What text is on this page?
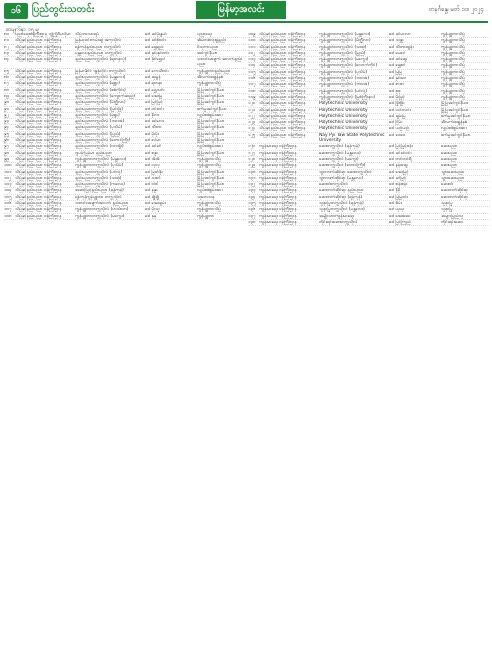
၁၆	ပြည်တွင်းသတင်း	မြန်မာ့အလင်း	တနင်္ဂနွေ၊ မတ် ၁၀၊ ၂၀၂၄
စာမျက်နှာ ၁၅ မှ
၈၀	ပညာရေးဝန်ကြီးဌာန ဘွဲ့ကြိုဒီပလိုမာ သိပ္ပံဘာသာရပ်	ဒေါ်ခင်မိုးနွယ်	ပညာရေး
၈၁	သိပ္ပံနှင့်နည်းပညာ ဝန်ကြီးဌာန	မြန်မာ့ဝင်းကမ်းဆွဲ အကုသိုလ်	ဒေါ်ခင်စိုးဝင်း	အိမ်တစ်လုံးဖွဲ့နည်း
၈၂	သိပ္ပံနှင့်နည်းပညာ ဝန်ကြီးဌာန	ရန်ကုန်နည်းပညာ တက္ကသိုလ်	ဒေါ်ရွှေရည်	ဗိသုကာပညာ
၈၃	သိပ္ပံနှင့်နည်းပညာ ဝန်ကြီးဌာန	မန္တလေးနည်းပညာ တက္ကသိုလ်	ဒေါ်နှင်းနှင်းဝင်း	အင်ဂျင်နီယာ
၈၄	သိပ္ပံနှင့်နည်းပညာ ဝန်ကြီးဌာန	နည်းပညာတက္ကသိုလ် (ရတနာပုံ)	ဒေါ်ခိုင်ရွှေဝါ	သတင်းအချက် အလက်နည်းပညာ
၈၅	သိပ္ပံနှင့်နည်းပညာ ဝန်ကြီးဌာန	မြန်မာနိုင်ငံ အွန်လိုင်း တက္ကသိုလ်	ဒေါ်ကေသီဝင်း	ကွန်ပျူတာနည်းပညာ
၈၆	သိပ္ပံနှင့်နည်းပညာ ဝန်ကြီးဌာန	နည်းပညာတက္ကသိုလ် (မန္တလေး)	ဒေါ်ဆုမွန်	အီလက်ထရွန်နစ်
၈၇	သိပ္ပံနှင့်နည်းပညာ ဝန်ကြီးဌာန	နည်းပညာတက္ကသိုလ် (ရဲရွာ)	ဒေါ်ရတနာ	ကွန်ပျူတာသိပ္ပံ
၈၈	သိပ္ပံနှင့်နည်းပညာ ဝန်ကြီးဌာန	နည်းပညာတက္ကသိုလ် (စစ်ကိုင်း)	ဒေါ်ရွှေသင်း	မြို့ပြအင်ဂျင်နီယာ
၈၉	သိပ္ပံနှင့်နည်းပညာ ဝန်ကြီးဌာန	နည်းပညာတက္ကသိုလ် (ကျောက်ဆည်)	ဒေါ်အေးမြ	မြို့ပြအင်ဂျင်နီယာ
၉၀	သိပ္ပံနှင့်နည်းပညာ ဝန်ကြီးဌာန	နည်းပညာတက္ကသိုလ် (မိတ္ထီလာ)	ဒေါ်မြင့်မြင့်	မြို့ပြအင်ဂျင်နီယာ
၉၁	သိပ္ပံနှင့်နည်းပညာ ဝန်ကြီးဌာန	နည်းပညာတက္ကသိုလ် (မြင်းခြံ)	ဒေါ်ဝင်းဝင်း	စက်မှုအင်ဂျင်နီယာ
၉၂	သိပ္ပံနှင့်နည်းပညာ ဝန်ကြီးဌာန	နည်းပညာတက္ကသိုလ် (မုံရွာ)	ဒေါ်နီလာ	လျှပ်စစ်စွမ်းအား
၉၃	သိပ္ပံနှင့်နည်းပညာ ဝန်ကြီးဌာန	နည်းပညာတက္ကသိုလ် (ဘားအံ)	ဒေါ်ခင်လေး	မြို့ပြအင်ဂျင်နီယာ
၉၄	သိပ္ပံနှင့်နည်းပညာ ဝန်ကြီးဌာန	နည်းပညာတက္ကသိုလ် (ပုသိမ်)	ဒေါ်သီတာ	မြို့ပြအင်ဂျင်နီယာ
၉၅	သိပ္ပံနှင့်နည်းပညာ ဝန်ကြီးဌာန	နည်းပညာတက္ကသိုလ် (ပြည်)	ဒေါ်မိုးမိုး	မြို့ပြအင်ဂျင်နီယာ
၉၆	သိပ္ပံနှင့်နည်းပညာ ဝန်ကြီးဌာန	နည်းပညာတက္ကသိုလ် (တောင်ကြီး)	ဒေါ်ဇင်မာ	မြို့ပြအင်ဂျင်နီယာ
၉၇	သိပ္ပံနှင့်နည်းပညာ ဝန်ကြီးဌာန	နည်းပညာတက္ကသိုလ် (လားရှိုး)	ဒေါ်ခင်ခင်	လျှပ်စစ်စွမ်းအား
၉၈	သိပ္ပံနှင့်နည်းပညာ ဝန်ကြီးဌာန	ဂျပန်-မြန်မာ နည်းပညာ	ဒေါ်စန္ဒာ	မြို့ပြအင်ဂျင်နီယာ
၉၉	သိပ္ပံနှင့်နည်းပညာ ဝန်ကြီးဌာန	ကွန်ပျူတာတက္ကသိုလ် (မန္တလေး)	ဒေါ်အိအိ	ကွန်ပျူတာသိပ္ပံ
၁၀၀ သိပ္ပံနှင့်နည်းပညာ ဝန်ကြီးဌာန	ကွန်ပျူတာတက္ကသိုလ် (ပုသိမ်)	ဒေါ်လှလှ	ကွန်ပျူတာသိပ္ပံ
၁၀၁ သိပ္ပံနှင့်နည်းပညာ ဝန်ကြီးဌာန	နည်းပညာတက္ကသိုလ် (ပင်လုံ)	ဒေါ်မြတ်နိုး	မြို့ပြအင်ဂျင်နီယာ
၁၀၂ သိပ္ပံနှင့်နည်းပညာ ဝန်ကြီးဌာန	နည်းပညာတက္ကသိုလ် (သထုံ)	ဒေါ်သဇင်	မြို့ပြအင်ဂျင်နီယာ
၁၀၃ သိပ္ပံနှင့်နည်းပညာ ဝန်ကြီးဌာန	နည်းပညာတက္ကသိုလ် (ကလေး)	ဒေါ်ဝါဝါ	မြို့ပြအင်ဂျင်နီယာ
၁၀၄ သိပ္ပံနှင့်နည်းပညာ ဝန်ကြီးဌာန	အဆင့်မြင့်နည်းပညာ (ရန်ကုန်)	ဒေါ်နန္ဒာ	လျှပ်စစ်စွမ်းအား
၁၀၅ သိပ္ပံနှင့်နည်းပညာ ဝန်ကြီးဌာန	ရန်ကုန်ကွန်ပျူတာ တက္ကသိုလ်	ဒေါ်ချိုချို	သုတေသန
၁၀၆ သိပ္ပံနှင့်နည်းပညာ ဝန်ကြီးဌာန	သတင်းအချက်အလက် နည်းပညာ	ဒေါ်အေးချမ်း	ကွန်ပျူတာသိပ္ပံ
၁၀၇ သိပ္ပံနှင့်နည်းပညာ ဝန်ကြီးဌာန	ကွန်ပျူတာတက္ကသိုလ် (ဟင်္သာတ)	ဒေါ်မိုးသူ	ကွန်ပျူတာသိပ္ပံ
၁၀၈ သိပ္ပံနှင့်နည်းပညာ ဝန်ကြီးဌာန	ကွန်ပျူတာတက္ကသိုလ် (မကွေး)	ဒေါ်နုနု	ကွန်ပျူတာ
၁၀၉ သိပ္ပံနှင့်နည်းပညာ ဝန်ကြီးဌာန	ကွန်ပျူတာတက္ကသိုလ် (မန္တလေး)	ဒေါ်ခင်မာလာ	ကွန်ပျူတာသိပ္ပံ
၁၁၀ သိပ္ပံနှင့်နည်းပညာ ဝန်ကြီးဌာန	ကွန်ပျူတာတက္ကသိုလ် (မိတ္ထီလာ)	ဒေါ်သန္တာ	ကွန်ပျူတာသိပ္ပံ
၁၁၁ သိပ္ပံနှင့်နည်းပညာ ဝန်ကြီးဌာန	ကွန်ပျူတာတက္ကသိုလ် (သထုံ)	ဒေါ်သီတာထွန်း	ကွန်ပျူတာသိပ္ပံ
၁၁၂ သိပ္ပံနှင့်နည်းပညာ ဝန်ကြီးဌာန	ကွန်ပျူတာတက္ကသိုလ် (ပြည်)	ဒေါ်မေဇင်	ကွန်ပျူတာသိပ္ပံ
၁၁၃ သိပ္ပံနှင့်နည်းပညာ ဝန်ကြီးဌာန	ကွန်ပျူတာတက္ကသိုလ် (မကွေး)	ဒေါ်ခင်ဆွေ	ကွန်ပျူတာသိပ္ပံ
၁၁၄ သိပ္ပံနှင့်နည်းပညာ ဝန်ကြီးဌာန	ကွန်ပျူတာတက္ကသိုလ် (လောက်ကိုင်)	ဒေါ်ရွှေစင်	ကွန်ပျူတာသိပ္ပံ
၁၁၅ သိပ္ပံနှင့်နည်းပညာ ဝန်ကြီးဌာန	ကွန်ပျူတာတက္ကသိုလ် (ပုသိမ်)	ဒေါ်မြမြ	ကွန်ပျူတာသိပ္ပံ
၁၁၆ သိပ္ပံနှင့်နည်းပညာ ဝန်ကြီးဌာန	ကွန်ပျူတာတက္ကသိုလ် (ဘားအံ)	ဒေါ်နှင်းဝေ	ကွန်ပျူတာသိပ္ပံ
၁၁၇ သိပ္ပံနှင့်နည်းပညာ ဝန်ကြီးဌာန	ကွန်ပျူတာတက္ကသိုလ် (ဘားအံ)	ဒေါ်ဇာဇာ	ကွန်ပျူတာသိပ္ပံ
၁၁၈ သိပ္ပံနှင့်နည်းပညာ ဝန်ကြီးဌာန	ကွန်ပျူတာတက္ကသိုလ် (ပင်လုံ)	ဒေါ်စုစု	ကွန်ပျူတာသိပ္ပံ
၁၁၉ သိပ္ပံနှင့်နည်းပညာ ဝန်ကြီးဌာန	ကွန်ပျူတာတက္ကသိုလ် (မြစ်ကြီးနား)	ဒေါ်မိုးမြင့်	ကွန်ပျူတာသိပ္ပံ
၁၂၀ သိပ္ပံနှင့်နည်းပညာ ဝန်ကြီးဌာန	Polytechnic University	ဒေါ်ဖြိုးဖြိုး	မြို့ပြအင်ဂျင်နီယာ
၁၂၁ သိပ္ပံနှင့်နည်းပညာ ဝန်ကြီးဌာန	Polytechnic University	ဒေါ်လင်းလင်း	မြို့ပြအင်ဂျင်နီယာ
၁၂၂ သိပ္ပံနှင့်နည်းပညာ ဝန်ကြီးဌာန	Polytechnic University	ဒေါ်ချမ်းမြ	စက်မှုအင်ဂျင်နီယာ
၁၂၃ သိပ္ပံနှင့်နည်းပညာ ဝန်ကြီးဌာန	Polytechnic University	ဒေါ်ငြိမ်း	အီလက်ထရွန်နစ်
၁၂၄ သိပ္ပံနှင့်နည်းပညာ ဝန်ကြီးဌာန	Polytechnic University	ဒေါ်ယဉ်ယဉ်	လျှပ်စစ်စွမ်းအား
၁၂၅ သိပ္ပံနှင့်နည်းပညာ ဝန်ကြီးဌာန	Nay Pyi Taw State Polytechnic University
ဒေါ်ဝေဝေ	စက်မှုအင်ဂျင်နီယာ
၁၂၆ ကျန်းမာရေး ဝန်ကြီးဌာန	ဆေးတက္ကသိုလ် (ရန်ကုန်)	ဒေါ်မြင့်မြင့်စန်း	ဆေးပညာ
၁၂၇ ကျန်းမာရေး ဝန်ကြီးဌာန	ဆေးတက္ကသိုလ် (မန္တလေး)	ဒေါ်ခင်ခင်ဝင်း	ဆေးပညာ
၁၂၈ ကျန်းမာရေး ဝန်ကြီးဌာန	ဆေးတက္ကသိုလ် (မကွေး)	ဒေါ်တင်တင်ရီ	ဆေးပညာ
၁၂၉ ကျန်းမာရေး ဝန်ကြီးဌာန	ဆေးတက္ကသိုလ် (တောင်ကြီး)	ဒေါ်နန်းဆွေ	ဆေးပညာ
၁၃၀ ကျန်းမာရေး ဝန်ကြီးဌာန	သွားဘက်ဆိုင်ရာ ဆေးတက္ကသိုလ်	ဒေါ်အေးမြင့်	သွားဆေးပညာ
၁၃၁ ကျန်းမာရေး ဝန်ကြီးဌာန	သွားဘက်ဆိုင်ရာ (မန္တလေး)	ဒေါ်ခင်မြင့်	သွားဆေးပညာ
၁၃၂ ကျန်းမာရေး ဝန်ကြီးဌာန	ဆေးဝါးတက္ကသိုလ်	ဒေါ်စန်းစန်း	ဆေးဝါး
၁၃၃ ကျန်းမာရေး ဝန်ကြီးဌာန	ဆေးဘက်ဆိုင်ရာ နည်းပညာ	ဒေါ်နီနီ	ဆေးဘက်ဆိုင်ရာ
၁၃၄ ကျန်းမာရေး ဝန်ကြီးဌာန	ဆေးဘက်ဆိုင်ရာ (ရန်ကုန်)	ဒေါ်မြမြဝင်း	ဆေးဘက်ဆိုင်ရာ
၁၃၅ ကျန်းမာရေး ဝန်ကြီးဌာန	သူနာပြုတက္ကသိုလ် (ရန်ကုန်)	ဒေါ်စိမ်း	သူနာပြု
၁၃၆ ကျန်းမာရေး ဝန်ကြီးဌာန	သူနာပြုတက္ကသိုလ် (မန္တလေး)	ဒေါ်ယုယု	သူနာပြု
၁၃၇ ကျန်းမာရေး ဝန်ကြီးဌာန	အမျိုးသားကျန်းမာရေး	ဒေါ်အေးအေး	အများပြည်သူ
၁၃၈ ကျန်းမာရေး ဝန်ကြီးဌာန	တိုင်းရင်းဆေးတက္ကသိုလ်	ဒေါ်မြင့်ကြည်	တိုင်းရင်းဆေး
